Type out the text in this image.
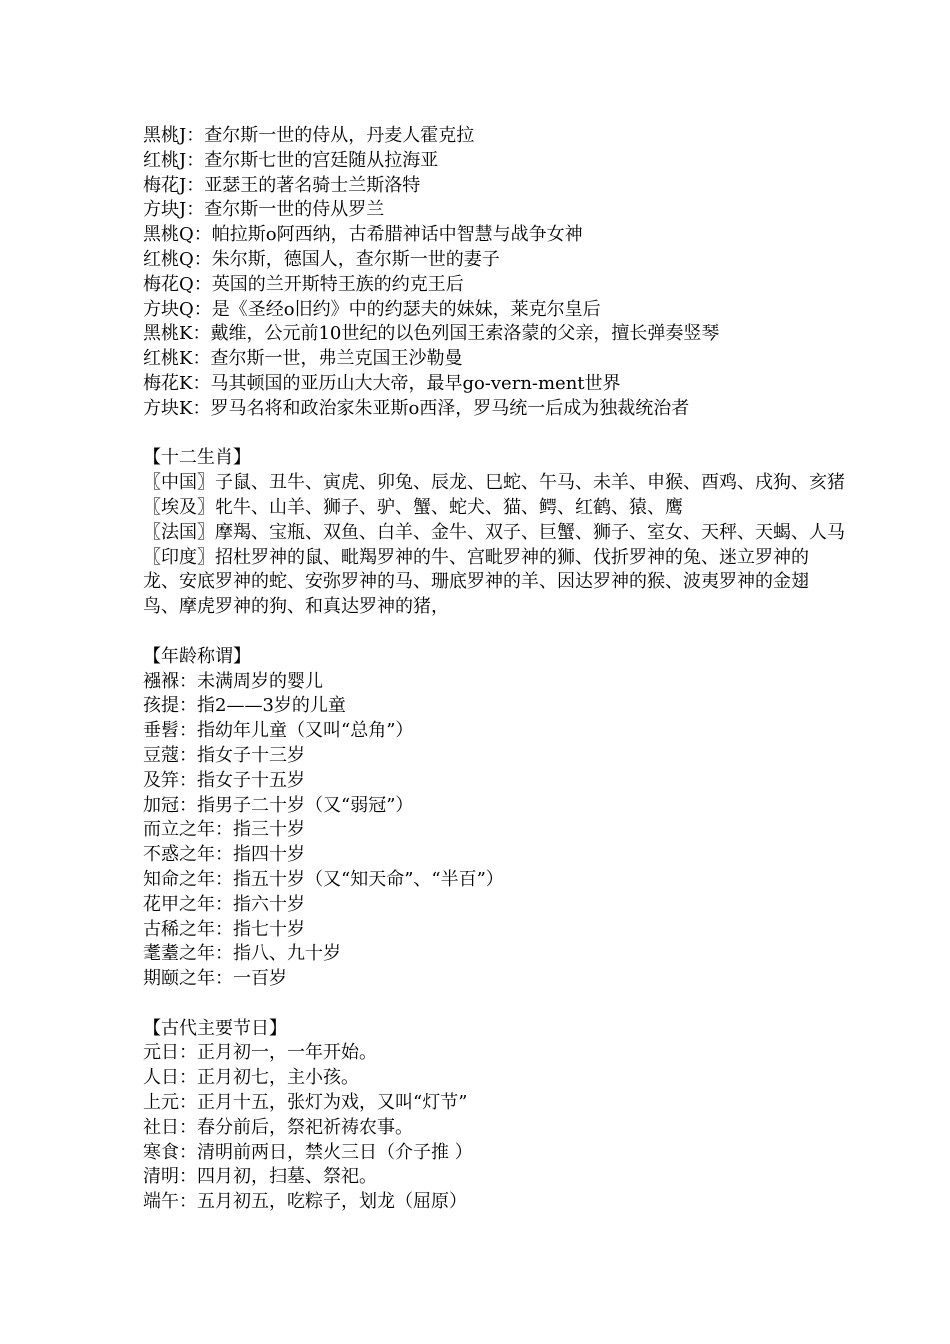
黑桃J：查尔斯一世的侍从，丹麦人霍克拉
红桃J：查尔斯七世的宫廷随从拉海亚
梅花J：亚瑟王的著名骑士兰斯洛特
方块J：查尔斯一世的侍从罗兰
黑桃Q：帕拉斯o阿西纳，古希腊神话中智慧与战争女神
红桃Q：朱尔斯，德国人，查尔斯一世的妻子
梅花Q：英国的兰开斯特王族的约克王后
方块Q：是《圣经o旧约》中的约瑟夫的妹妹，莱克尔皇后
黑桃K：戴维，公元前10世纪的以色列国王索洛蒙的父亲，擅长弹奏竖琴
红桃K：查尔斯一世，弗兰克国王沙勒曼
梅花K：马其顿国的亚历山大大帝，最早go-vern-ment世界
方块K：罗马名将和政治家朱亚斯o西泽，罗马统一后成为独裁统治者
【十二生肖】
〖中国〗子鼠、丑牛、寅虎、卯兔、辰龙、巳蛇、午马、未羊、申猴、酉鸡、戌狗、亥猪
〖埃及〗牝牛、山羊、狮子、驴、蟹、蛇犬、猫、鳄、红鹤、猿、鹰
〖法国〗摩羯、宝瓶、双鱼、白羊、金牛、双子、巨蟹、狮子、室女、天秤、天蝎、人马
〖印度〗招杜罗神的鼠、毗羯罗神的牛、宫毗罗神的狮、伐折罗神的兔、迷立罗神的龙、安底罗神的蛇、安弥罗神的马、珊底罗神的羊、因达罗神的猴、波夷罗神的金翅鸟、摩虎罗神的狗、和真达罗神的猪，
【年龄称谓】
襁褓：未满周岁的婴儿
孩提：指2——3岁的儿童
垂髫：指幼年儿童（又叫“总角”）
豆蔻：指女子十三岁
及笄：指女子十五岁
加冠：指男子二十岁（又“弱冠”）
而立之年：指三十岁
不惑之年：指四十岁
知命之年：指五十岁（又“知天命”、“半百”）
花甲之年：指六十岁
古稀之年：指七十岁
耄耋之年：指八、九十岁
期颐之年：一百岁
【古代主要节日】
元日：正月初一，一年开始。
人日：正月初七，主小孩。
上元：正月十五，张灯为戏，又叫“灯节”
社日：春分前后，祭祀祈祷农事。
寒食：清明前两日，禁火三日（介子推 ）
清明：四月初，扫墓、祭祀。
端午：五月初五，吃粽子，划龙（屈原）
